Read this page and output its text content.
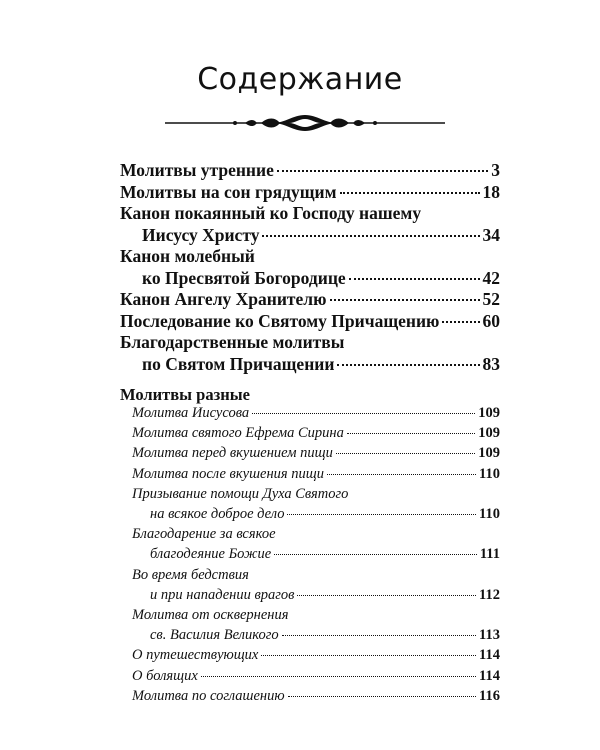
Содержание
Молитвы утренние	3
Молитвы на сон грядущим	18
Канон покаянный ко Господу нашему
Иисусу Христу	34
Канон молебный
ко Пресвятой Богородице	42
Канон Ангелу Хранителю	52
Последование ко Святому Причащению 60
Благодарственные молитвы
по Святом Причащении	83
Молитвы разные
Молитва Иисусова	109
Молитва святого Ефрема Сирина	109
Молитва перед вкушением пищи	109
Молитва после вкушения пищи	110
Призывание помощи Духа Святого
на всякое доброе дело	110
Благодарение за всякое
благодеяние Божие	111
Во время бедствия
и при нападении врагов	112
Молитва от осквернения
св. Василия Великого	113
О путешествующих	114
О болящих	114
Молитва по соглашению	116
